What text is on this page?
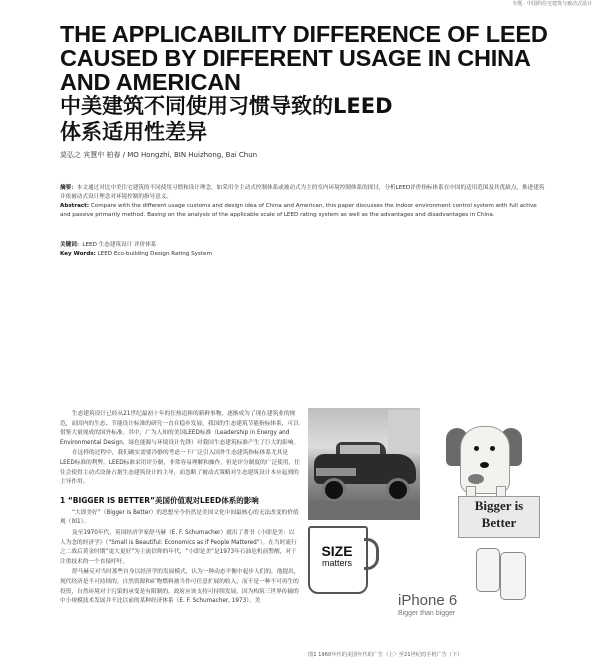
专题 · 中国的住宅建筑与被动式设计
THE APPLICABILITY DIFFERENCE OF LEED
CAUSED BY DIFFERENT USAGE IN CHINA
AND AMERICAN
中美建筑不同使用习惯导致的LEED
体系适用性差异
莫弘之 宾慧中 柏春 / MO Hongzhi, BIN Huizhong, Bai Chun

摘要：本文通过对比中美住宅建筑的不同使用习惯和设计理念，如采用全主动式控制体系或被动式为主的室内环境控制体系的探讨，分析LEED评价指标体系在中国的适用范围及其优缺点，推进建筑并依被动式设计理念对环境控制的指导意义。

Abstract: Compare with the different usage customs and design idea of China and American, this paper discusses the indoor environment control system with full active and passive primarily method. Basing on the analysis of the applicable scale of LEED rating system as well as the advantages and disadvantages in China.

关键词：LEED 生态建筑设计 评价体系

Key Words: LEED Eco-building Design Rating System

生态建筑设计已经从21世纪最初十年的狂热追捧的新鲜事物，逐渐成为了现在建筑业的规范，而国内的生态、节能设计标准的研究一直在稳步发展。我国的生态建筑节能指标体系，可以借鉴大量现成的国外标准。其中，广为人知的美国LEED标准（Leadership in Energy and Environmental Design，绿色能源与环境设计先锋）对我国生态建筑标准产生了巨大的影响。

在这样的过程中，我们确实需要冷静的考虑一下广泛引入国外生态建筑指标体系尤其是LEED标准的利弊。LEED标准采用评分制，非常容易理解和操作，但是评分制度的广泛使用，往往会使得主动式设备占据生态建筑设计的主导，而忽略了被动式策略对生态建筑设计本应起到的主导作用。

1 “BIGGER IS BETTER”美国价值观对LEED体系的影响

“大即美好”（Bigger is Better）的思想至今仍然是美国文化中间最核心的无法改变的价值观（图1）。

及至1970年代，英国经济学家舒马赫（E. F. Schumacher）就出了著书《小即是美：以人为念的经济学》（“Small is Beautiful: Economics as if People Mattered”）。在当时流行之二战后黄金时期“更大更好”为主流信仰的年代，“小即是美”是1973年石油危机前警醒，对于注重技术的一个直接呼吁。

舒马赫反对当时那些自身以经济学的发展模式，认为一种动态平衡中起步人们的，他提出，现代经济是不可持续的，自然资源和矿物燃料被当作可任意扩展的收入，而不是一种不可再生的投资，自然环境对于污染的承受是有限制的。政府应该支持可持续发展，因为构筑三世界传输的中小规模技术发展并不比以前的某种经济体系（E. F. Schumacher, 1973）。美

Bigger is Better
SIZE
matters
iPhone 6
Bigger than bigger
图1 1960年代的美国年代的广告（上）至21世纪的手机广告（下）
